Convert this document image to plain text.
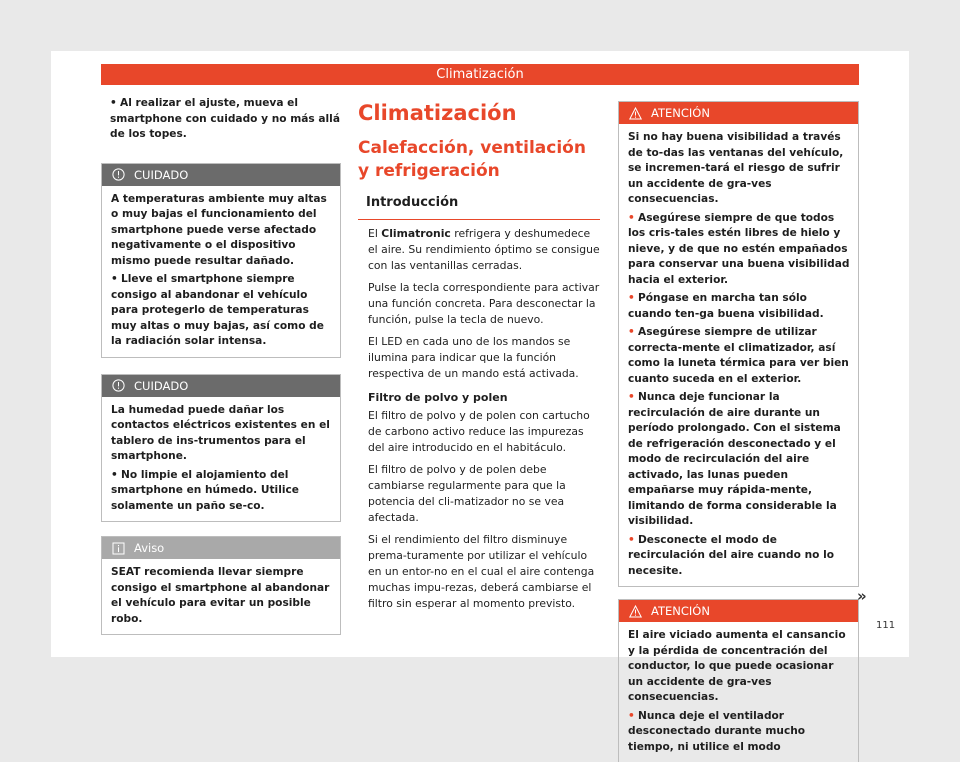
Climatización
• Al realizar el ajuste, mueva el smartphone con cuidado y no más allá de los topes.
CUIDADO

A temperaturas ambiente muy altas o muy bajas el funcionamiento del smartphone puede verse afectado negativamente o el dispositivo mismo puede resultar dañado.

• Lleve el smartphone siempre consigo al abandonar el vehículo para protegerlo de temperaturas muy altas o muy bajas, así como de la radiación solar intensa.

CUIDADO

La humedad puede dañar los contactos eléctricos existentes en el tablero de ins-trumentos para el smartphone.

• No limpie el alojamiento del smartphone en húmedo. Utilice solamente un paño se-co.

Aviso

SEAT recomienda llevar siempre consigo el smartphone al abandonar el vehículo para evitar un posible robo.

Climatización
Calefacción, ventilación y refrigeración
Introducción

El Climatronic refrigera y deshumedece el aire. Su rendimiento óptimo se consigue con las ventanillas cerradas.

Pulse la tecla correspondiente para activar una función concreta. Para desconectar la función, pulse la tecla de nuevo.

El LED en cada uno de los mandos se ilumina para indicar que la función respectiva de un mando está activada.

Filtro de polvo y polen

El filtro de polvo y de polen con cartucho de carbono activo reduce las impurezas del aire introducido en el habitáculo.

El filtro de polvo y de polen debe cambiarse regularmente para que la potencia del cli-matizador no se vea afectada.

Si el rendimiento del filtro disminuye prema-turamente por utilizar el vehículo en un entor-no en el cual el aire contenga muchas impu-rezas, deberá cambiarse el filtro sin esperar al momento previsto.

ATENCIÓN

Si no hay buena visibilidad a través de to-das las ventanas del vehículo, se incremen-tará el riesgo de sufrir un accidente de gra-ves consecuencias.

• Asegúrese siempre de que todos los cris-tales estén libres de hielo y nieve, y de que no estén empañados para conservar una buena visibilidad hacia el exterior.

• Póngase en marcha tan sólo cuando ten-ga buena visibilidad.

• Asegúrese siempre de utilizar correcta-mente el climatizador, así como la luneta térmica para ver bien cuanto suceda en el exterior.

• Nunca deje funcionar la recirculación de aire durante un período prolongado. Con el sistema de refrigeración desconectado y el modo de recirculación del aire activado, las lunas pueden empañarse muy rápida-mente, limitando de forma considerable la visibilidad.

• Desconecte el modo de recirculación del aire cuando no lo necesite.

ATENCIÓN

El aire viciado aumenta el cansancio y la pérdida de concentración del conductor, lo que puede ocasionar un accidente de gra-ves consecuencias.

• Nunca deje el ventilador desconectado durante mucho tiempo, ni utilice el modo

»
111
